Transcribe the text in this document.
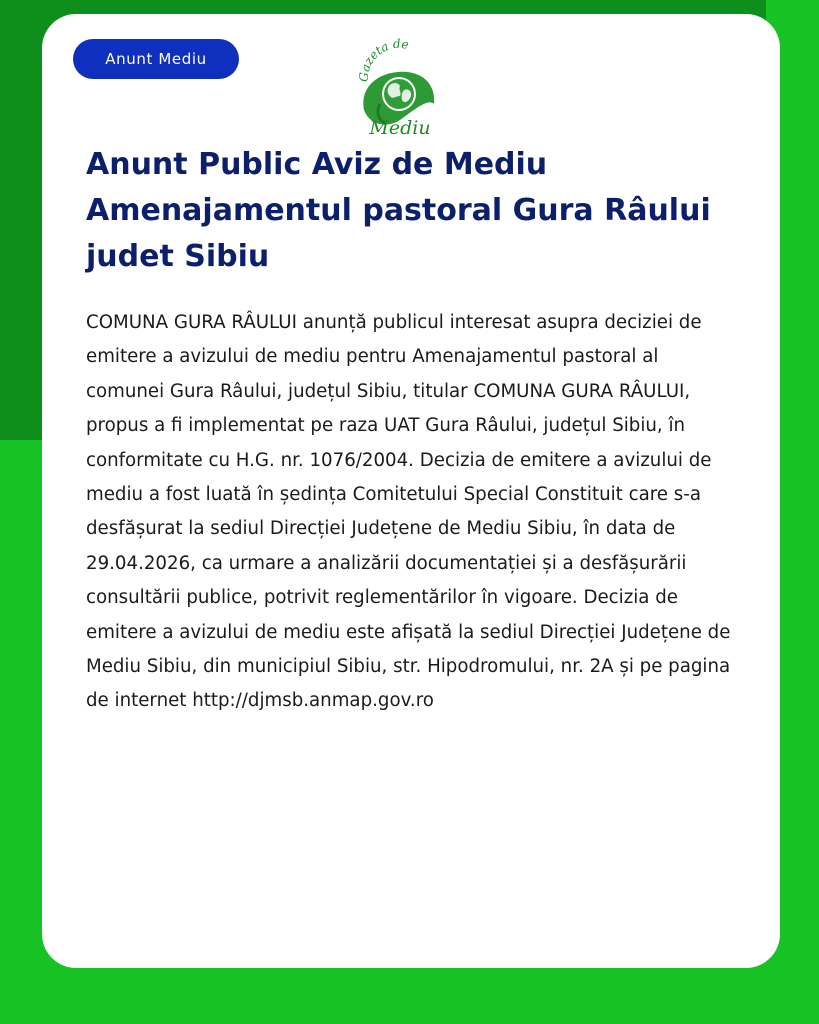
Anunt Mediu
Gazeta de
Mediu
Anunt Public Aviz de Mediu Amenajamentul pastoral Gura Râului judet Sibiu

COMUNA GURA RÂULUI anunță publicul interesat asupra deciziei de emitere a avizului de mediu pentru Amenajamentul pastoral al comunei Gura Râului, județul Sibiu, titular COMUNA GURA RÂULUI, propus a fi implementat pe raza UAT Gura Râului, județul Sibiu, în conformitate cu H.G. nr. 1076/2004. Decizia de emitere a avizului de mediu a fost luată în ședința Comitetului Special Constituit care s-a desfășurat la sediul Direcției Județene de Mediu Sibiu, în data de 29.04.2026, ca urmare a analizării documentației și a desfășurării consultării publice, potrivit reglementărilor în vigoare. Decizia de emitere a avizului de mediu este afișată la sediul Direcției Județene de Mediu Sibiu, din municipiul Sibiu, str. Hipodromului, nr. 2A și pe pagina de internet http://djmsb.anmap.gov.ro
